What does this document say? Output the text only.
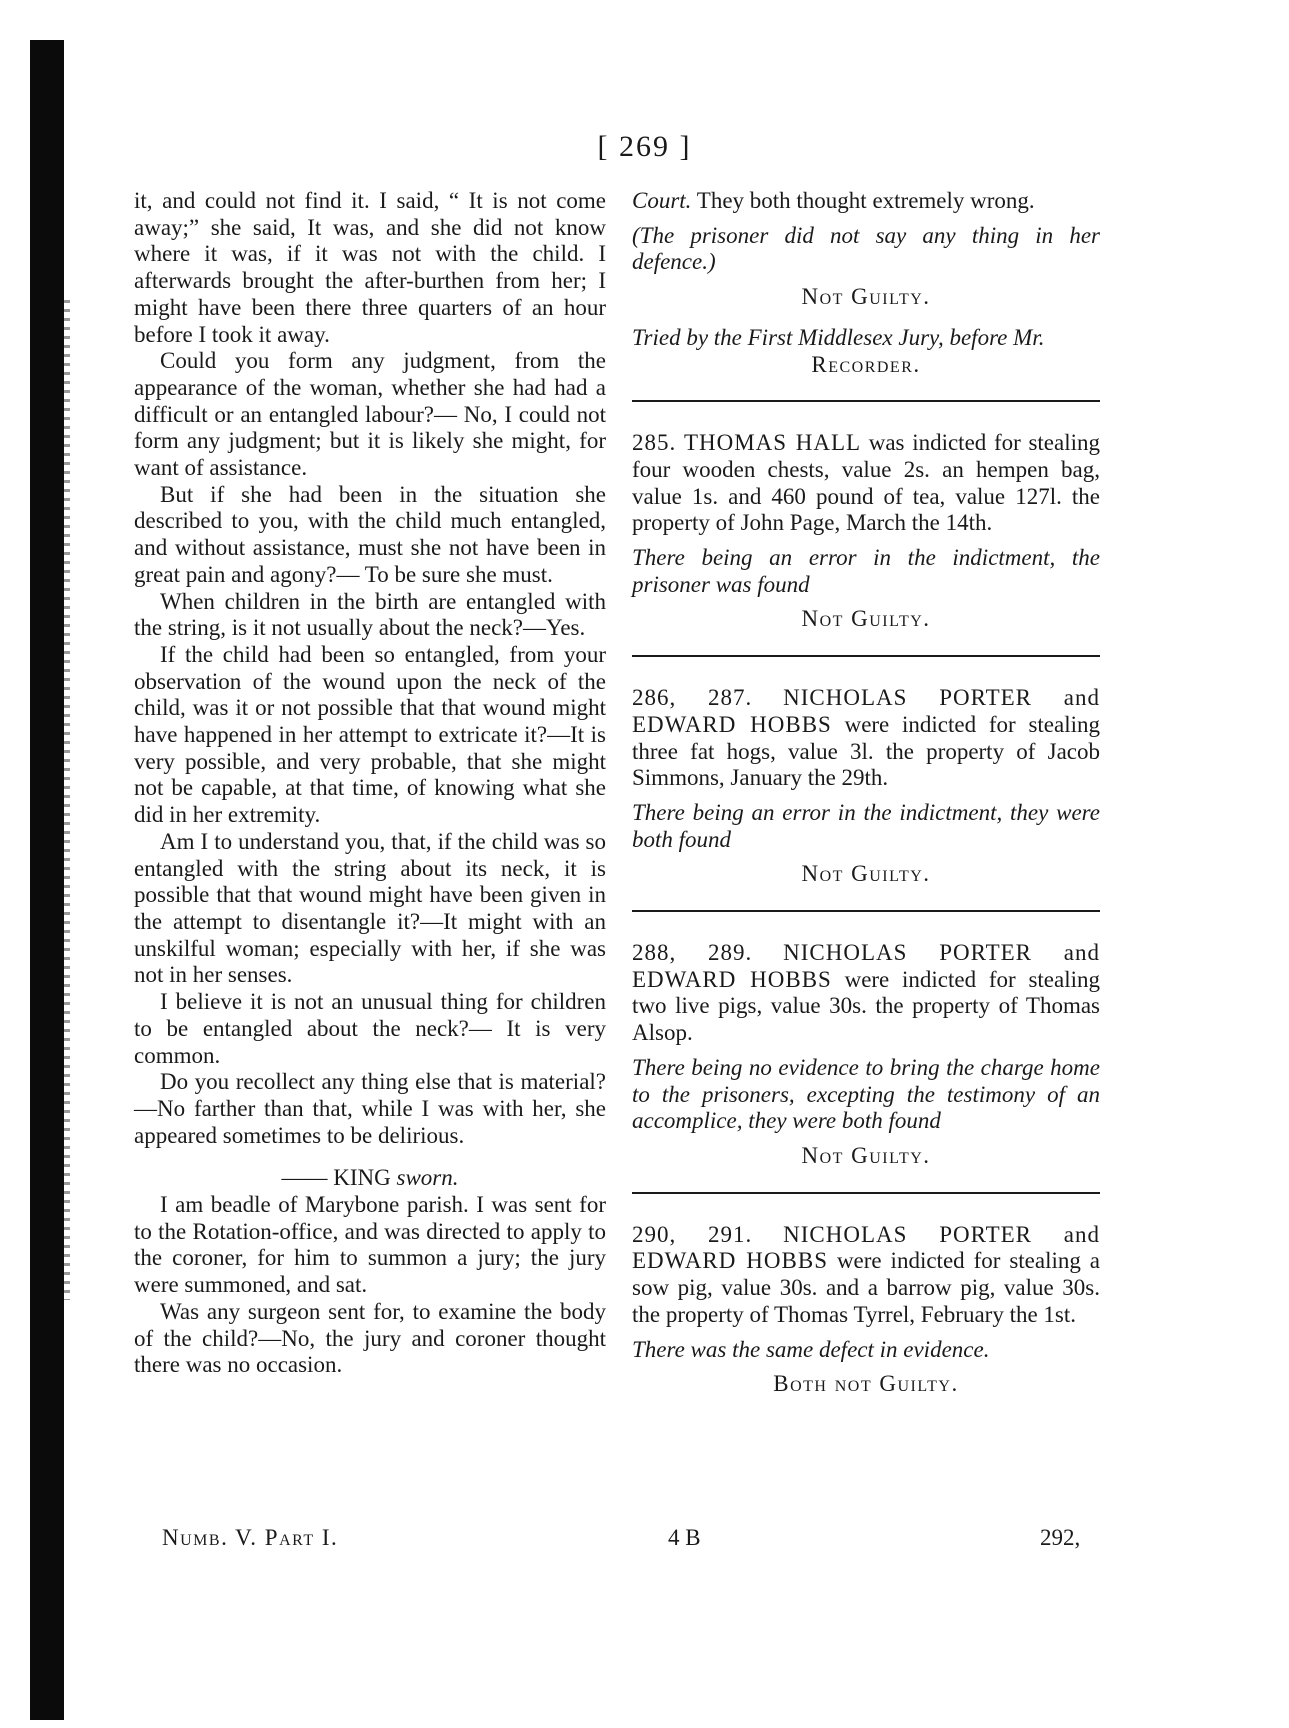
[ 269 ]

it, and could not find it. I said, “ It is not come away;” she said, It was, and she did not know where it was, if it was not with the child. I afterwards brought the after-burthen from her; I might have been there three quarters of an hour before I took it away.

Could you form any judgment, from the appearance of the woman, whether she had had a difficult or an entangled labour?— No, I could not form any judgment; but it is likely she might, for want of assistance.

But if she had been in the situation she described to you, with the child much entangled, and without assistance, must she not have been in great pain and agony?— To be sure she must.

When children in the birth are entangled with the string, is it not usually about the neck?—Yes.

If the child had been so entangled, from your observation of the wound upon the neck of the child, was it or not possible that that wound might have happened in her attempt to extricate it?—It is very possible, and very probable, that she might not be capable, at that time, of knowing what she did in her extremity.

Am I to understand you, that, if the child was so entangled with the string about its neck, it is possible that that wound might have been given in the attempt to disentangle it?—It might with an unskilful woman; especially with her, if she was not in her senses.

I believe it is not an unusual thing for children to be entangled about the neck?— It is very common.

Do you recollect any thing else that is material?—No farther than that, while I was with her, she appeared sometimes to be delirious.

—— KING sworn.

I am beadle of Marybone parish. I was sent for to the Rotation-office, and was directed to apply to the coroner, for him to summon a jury; the jury were summoned, and sat.

Was any surgeon sent for, to examine the body of the child?—No, the jury and coroner thought there was no occasion.

Court. They both thought extremely wrong.

(The prisoner did not say any thing in her defence.)

Not Guilty.

Tried by the First Middlesex Jury, before Mr.

Recorder.

285. THOMAS HALL was indicted for stealing four wooden chests, value 2s. an hempen bag, value 1s. and 460 pound of tea, value 127l. the property of John Page, March the 14th.

There being an error in the indictment, the prisoner was found

Not Guilty.

286, 287. NICHOLAS PORTER and EDWARD HOBBS were indicted for stealing three fat hogs, value 3l. the property of Jacob Simmons, January the 29th.

There being an error in the indictment, they were both found

Not Guilty.

288, 289. NICHOLAS PORTER and EDWARD HOBBS were indicted for stealing two live pigs, value 30s. the property of Thomas Alsop.

There being no evidence to bring the charge home to the prisoners, excepting the testimony of an accomplice, they were both found

Not Guilty.

290, 291. NICHOLAS PORTER and EDWARD HOBBS were indicted for stealing a sow pig, value 30s. and a barrow pig, value 30s. the property of Thomas Tyrrel, February the 1st.

There was the same defect in evidence.

Both not Guilty.

Numb. V. Part I.	4 B	292,
